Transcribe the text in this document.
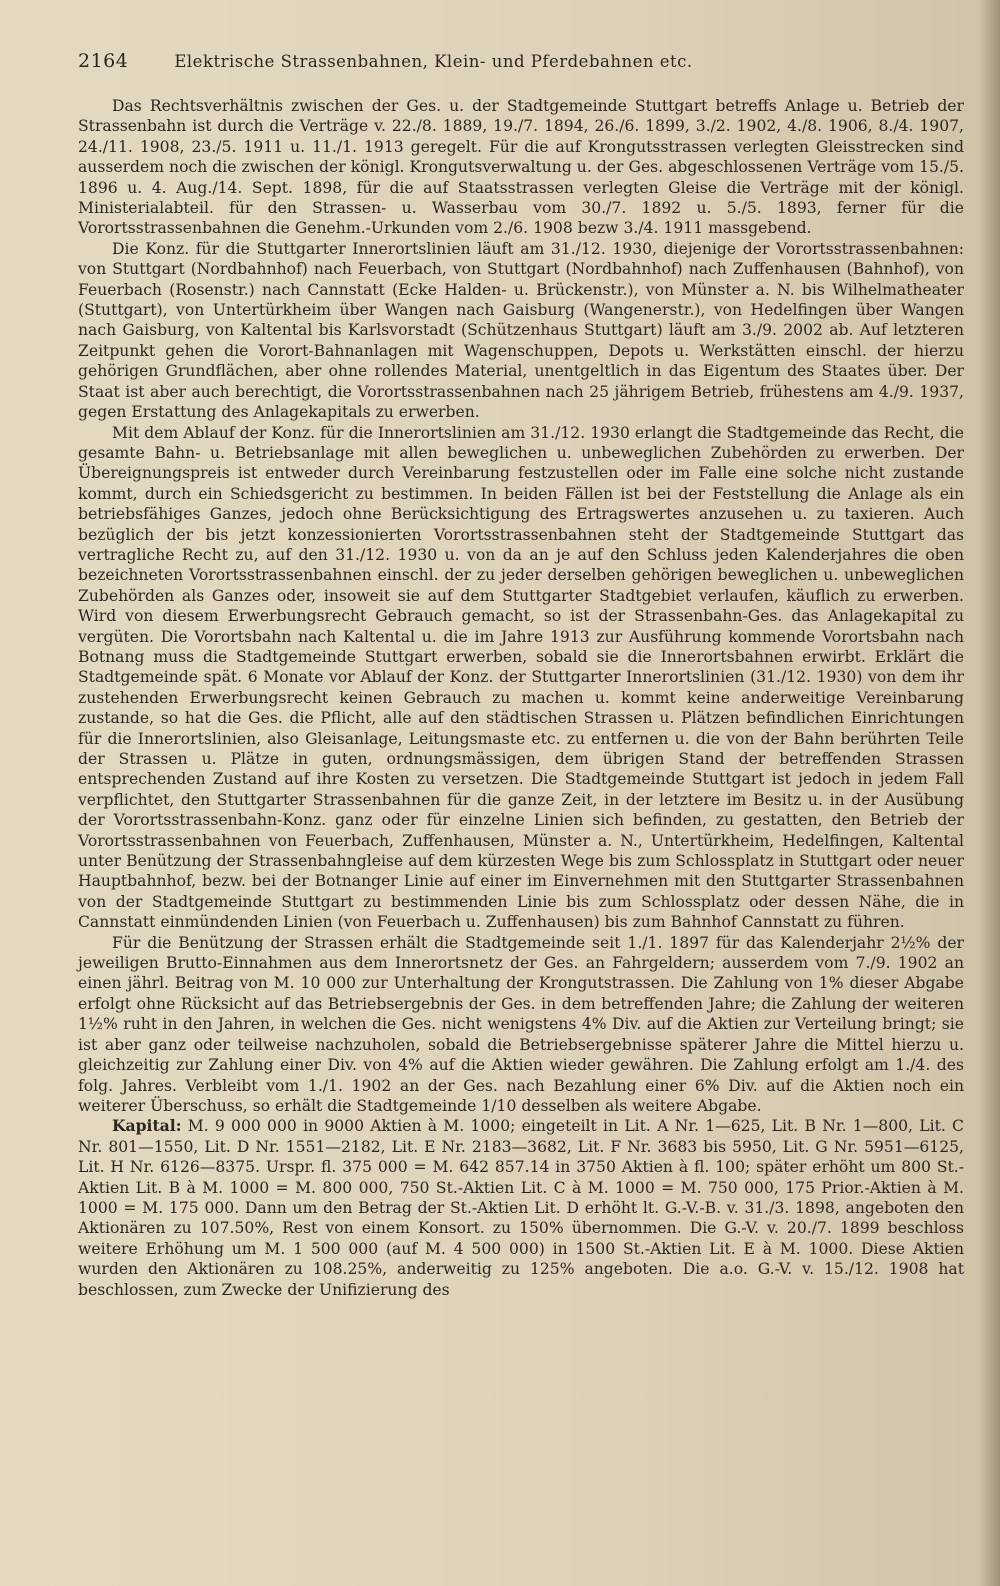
2164	Elektrische Strassenbahnen, Klein- und Pferdebahnen etc.

Das Rechtsverhältnis zwischen der Ges. u. der Stadtgemeinde Stuttgart betreffs Anlage u. Betrieb der Strassenbahn ist durch die Verträge v. 22./8. 1889, 19./7. 1894, 26./6. 1899, 3./2. 1902, 4./8. 1906, 8./4. 1907, 24./11. 1908, 23./5. 1911 u. 11./1. 1913 geregelt. Für die auf Krongutsstrassen verlegten Gleisstrecken sind ausserdem noch die zwischen der königl. Krongutsverwaltung u. der Ges. abgeschlossenen Verträge vom 15./5. 1896 u. 4. Aug./14. Sept. 1898, für die auf Staatsstrassen verlegten Gleise die Verträge mit der königl. Ministerialabteil. für den Strassen- u. Wasserbau vom 30./7. 1892 u. 5./5. 1893, ferner für die Vorortsstrassenbahnen die Genehm.-Urkunden vom 2./6. 1908 bezw 3./4. 1911 massgebend.

Die Konz. für die Stuttgarter Innerortslinien läuft am 31./12. 1930, diejenige der Vorortsstrassenbahnen: von Stuttgart (Nordbahnhof) nach Feuerbach, von Stuttgart (Nordbahnhof) nach Zuffenhausen (Bahnhof), von Feuerbach (Rosenstr.) nach Cannstatt (Ecke Halden- u. Brückenstr.), von Münster a. N. bis Wilhelmatheater (Stuttgart), von Untertürkheim über Wangen nach Gaisburg (Wangenerstr.), von Hedelfingen über Wangen nach Gaisburg, von Kaltental bis Karlsvorstadt (Schützenhaus Stuttgart) läuft am 3./9. 2002 ab. Auf letzteren Zeitpunkt gehen die Vorort-Bahnanlagen mit Wagenschuppen, Depots u. Werkstätten einschl. der hierzu gehörigen Grundflächen, aber ohne rollendes Material, unentgeltlich in das Eigentum des Staates über. Der Staat ist aber auch berechtigt, die Vorortsstrassenbahnen nach 25 jährigem Betrieb, frühestens am 4./9. 1937, gegen Erstattung des Anlagekapitals zu erwerben.

Mit dem Ablauf der Konz. für die Innerortslinien am 31./12. 1930 erlangt die Stadtgemeinde das Recht, die gesamte Bahn- u. Betriebsanlage mit allen beweglichen u. unbeweglichen Zubehörden zu erwerben. Der Übereignungspreis ist entweder durch Vereinbarung festzustellen oder im Falle eine solche nicht zustande kommt, durch ein Schiedsgericht zu bestimmen. In beiden Fällen ist bei der Feststellung die Anlage als ein betriebsfähiges Ganzes, jedoch ohne Berücksichtigung des Ertragswertes anzusehen u. zu taxieren. Auch bezüglich der bis jetzt konzessionierten Vorortsstrassenbahnen steht der Stadtgemeinde Stuttgart das vertragliche Recht zu, auf den 31./12. 1930 u. von da an je auf den Schluss jeden Kalenderjahres die oben bezeichneten Vorortsstrassenbahnen einschl. der zu jeder derselben gehörigen beweglichen u. unbeweglichen Zubehörden als Ganzes oder, insoweit sie auf dem Stuttgarter Stadtgebiet verlaufen, käuflich zu erwerben. Wird von diesem Erwerbungsrecht Gebrauch gemacht, so ist der Strassenbahn-Ges. das Anlagekapital zu vergüten. Die Vorortsbahn nach Kaltental u. die im Jahre 1913 zur Ausführung kommende Vorortsbahn nach Botnang muss die Stadtgemeinde Stuttgart erwerben, sobald sie die Innerortsbahnen erwirbt. Erklärt die Stadtgemeinde spät. 6 Monate vor Ablauf der Konz. der Stuttgarter Innerortslinien (31./12. 1930) von dem ihr zustehenden Erwerbungsrecht keinen Gebrauch zu machen u. kommt keine anderweitige Vereinbarung zustande, so hat die Ges. die Pflicht, alle auf den städtischen Strassen u. Plätzen befindlichen Einrichtungen für die Innerortslinien, also Gleisanlage, Leitungsmaste etc. zu entfernen u. die von der Bahn berührten Teile der Strassen u. Plätze in guten, ordnungsmässigen, dem übrigen Stand der betreffenden Strassen entsprechenden Zustand auf ihre Kosten zu versetzen. Die Stadtgemeinde Stuttgart ist jedoch in jedem Fall verpflichtet, den Stuttgarter Strassenbahnen für die ganze Zeit, in der letztere im Besitz u. in der Ausübung der Vorortsstrassenbahn-Konz. ganz oder für einzelne Linien sich befinden, zu gestatten, den Betrieb der Vorortsstrassenbahnen von Feuerbach, Zuffenhausen, Münster a. N., Untertürkheim, Hedelfingen, Kaltental unter Benützung der Strassenbahngleise auf dem kürzesten Wege bis zum Schlossplatz in Stuttgart oder neuer Hauptbahnhof, bezw. bei der Botnanger Linie auf einer im Einvernehmen mit den Stuttgarter Strassenbahnen von der Stadtgemeinde Stuttgart zu bestimmenden Linie bis zum Schlossplatz oder dessen Nähe, die in Cannstatt einmündenden Linien (von Feuerbach u. Zuffenhausen) bis zum Bahnhof Cannstatt zu führen.

Für die Benützung der Strassen erhält die Stadtgemeinde seit 1./1. 1897 für das Kalenderjahr 2½% der jeweiligen Brutto-Einnahmen aus dem Innerortsnetz der Ges. an Fahrgeldern; ausserdem vom 7./9. 1902 an einen jährl. Beitrag von M. 10 000 zur Unterhaltung der Krongutstrassen. Die Zahlung von 1% dieser Abgabe erfolgt ohne Rücksicht auf das Betriebsergebnis der Ges. in dem betreffenden Jahre; die Zahlung der weiteren 1½% ruht in den Jahren, in welchen die Ges. nicht wenigstens 4% Div. auf die Aktien zur Verteilung bringt; sie ist aber ganz oder teilweise nachzuholen, sobald die Betriebsergebnisse späterer Jahre die Mittel hierzu u. gleichzeitig zur Zahlung einer Div. von 4% auf die Aktien wieder gewähren. Die Zahlung erfolgt am 1./4. des folg. Jahres. Verbleibt vom 1./1. 1902 an der Ges. nach Bezahlung einer 6% Div. auf die Aktien noch ein weiterer Überschuss, so erhält die Stadtgemeinde 1/10 desselben als weitere Abgabe.

Kapital: M. 9 000 000 in 9000 Aktien à M. 1000; eingeteilt in Lit. A Nr. 1—625, Lit. B Nr. 1—800, Lit. C Nr. 801—1550, Lit. D Nr. 1551—2182, Lit. E Nr. 2183—3682, Lit. F Nr. 3683 bis 5950, Lit. G Nr. 5951—6125, Lit. H Nr. 6126—8375. Urspr. fl. 375 000 = M. 642 857.14 in 3750 Aktien à fl. 100; später erhöht um 800 St.-Aktien Lit. B à M. 1000 = M. 800 000, 750 St.-Aktien Lit. C à M. 1000 = M. 750 000, 175 Prior.-Aktien à M. 1000 = M. 175 000. Dann um den Betrag der St.-Aktien Lit. D erhöht lt. G.-V.-B. v. 31./3. 1898, angeboten den Aktionären zu 107.50%, Rest von einem Konsort. zu 150% übernommen. Die G.-V. v. 20./7. 1899 beschloss weitere Erhöhung um M. 1 500 000 (auf M. 4 500 000) in 1500 St.-Aktien Lit. E à M. 1000. Diese Aktien wurden den Aktionären zu 108.25%, anderweitig zu 125% angeboten. Die a.o. G.-V. v. 15./12. 1908 hat beschlossen, zum Zwecke der Unifizierung des
